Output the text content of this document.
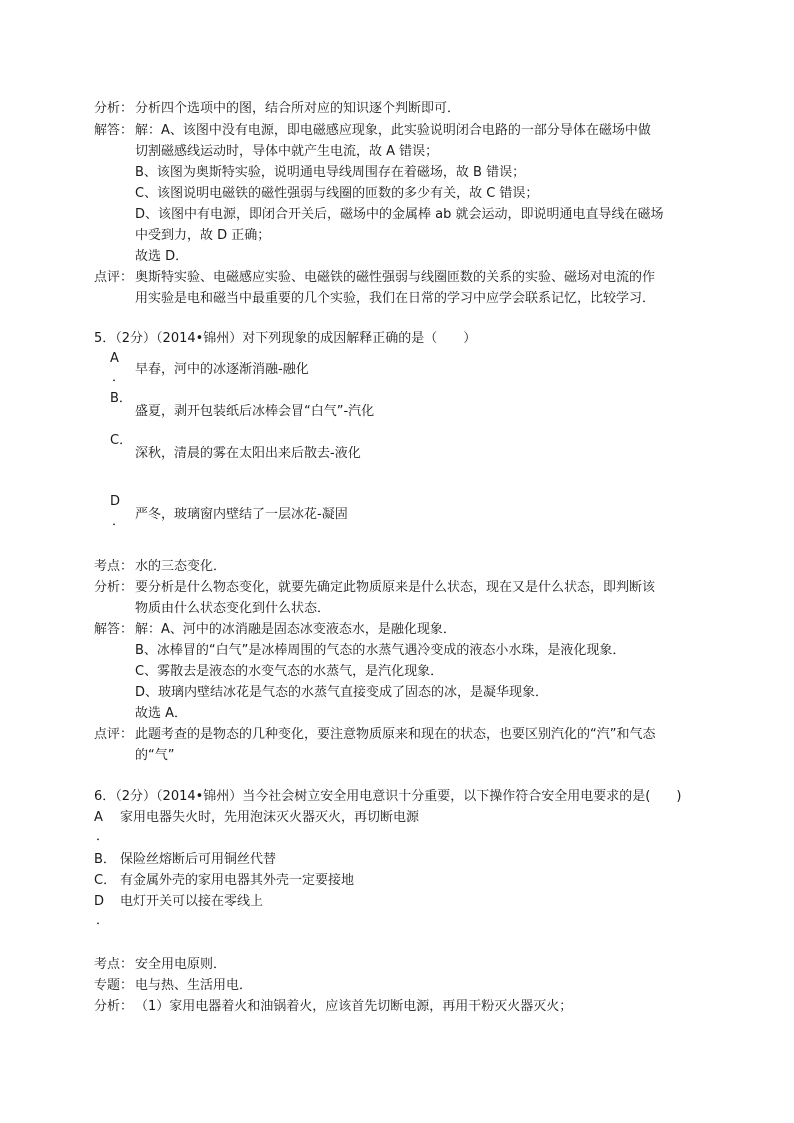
分析： 分析四个选项中的图，结合所对应的知识逐个判断即可．
解答： 解：A、该图中没有电源，即电磁感应现象，此实验说明闭合电路的一部分导体在磁场中做
切割磁感线运动时，导体中就产生电流，故 A 错误；
B、该图为奥斯特实验，说明通电导线周围存在着磁场，故 B 错误；
C、该图说明电磁铁的磁性强弱与线圈的匝数的多少有关，故 C 错误；
D、该图中有电源，即闭合开关后，磁场中的金属棒 ab 就会运动，即说明通电直导线在磁场
中受到力，故 D 正确；
故选 D．
点评： 奥斯特实验、电磁感应实验、电磁铁的磁性强弱与线圈匝数的关系的实验、磁场对电流的作
用实验是电和磁当中最重要的几个实验，我们在日常的学习中应学会联系记忆，比较学习．
5．（2分）（2014•锦州）对下列现象的成因解释正确的是（　　）
A
．
早春，河中的冰逐渐消融-融化
B．
盛夏，剥开包装纸后冰棒会冒“白气”-汽化
C．
深秋，清晨的雾在太阳出来后散去-液化
D
． 严冬，玻璃窗内壁结了一层冰花-凝固
考点： 水的三态变化．
分析： 要分析是什么物态变化，就要先确定此物质原来是什么状态，现在又是什么状态，即判断该
物质由什么状态变化到什么状态．
解答： 解：A、河中的冰消融是固态冰变液态水，是融化现象．
B、冰棒冒的“白气”是冰棒周围的气态的水蒸气遇冷变成的液态小水珠，是液化现象．
C、雾散去是液态的水变气态的水蒸气，是汽化现象．
D、玻璃内壁结冰花是气态的水蒸气直接变成了固态的冰，是凝华现象．
故选 A．
点评： 此题考查的是物态的几种变化，要注意物质原来和现在的状态，也要区别汽化的“汽”和气态
的“气”
6．（2分）（2014•锦州）当今社会树立安全用电意识十分重要，以下操作符合安全用电要求的是(　　)
A 家用电器失火时，先用泡沫灭火器灭火，再切断电源
．
B． 保险丝熔断后可用铜丝代替
C． 有金属外壳的家用电器其外壳一定要接地
D 电灯开关可以接在零线上
．
考点： 安全用电原则．
专题： 电与热、生活用电．
分析： （1）家用电器着火和油锅着火，应该首先切断电源，再用干粉灭火器灭火；
